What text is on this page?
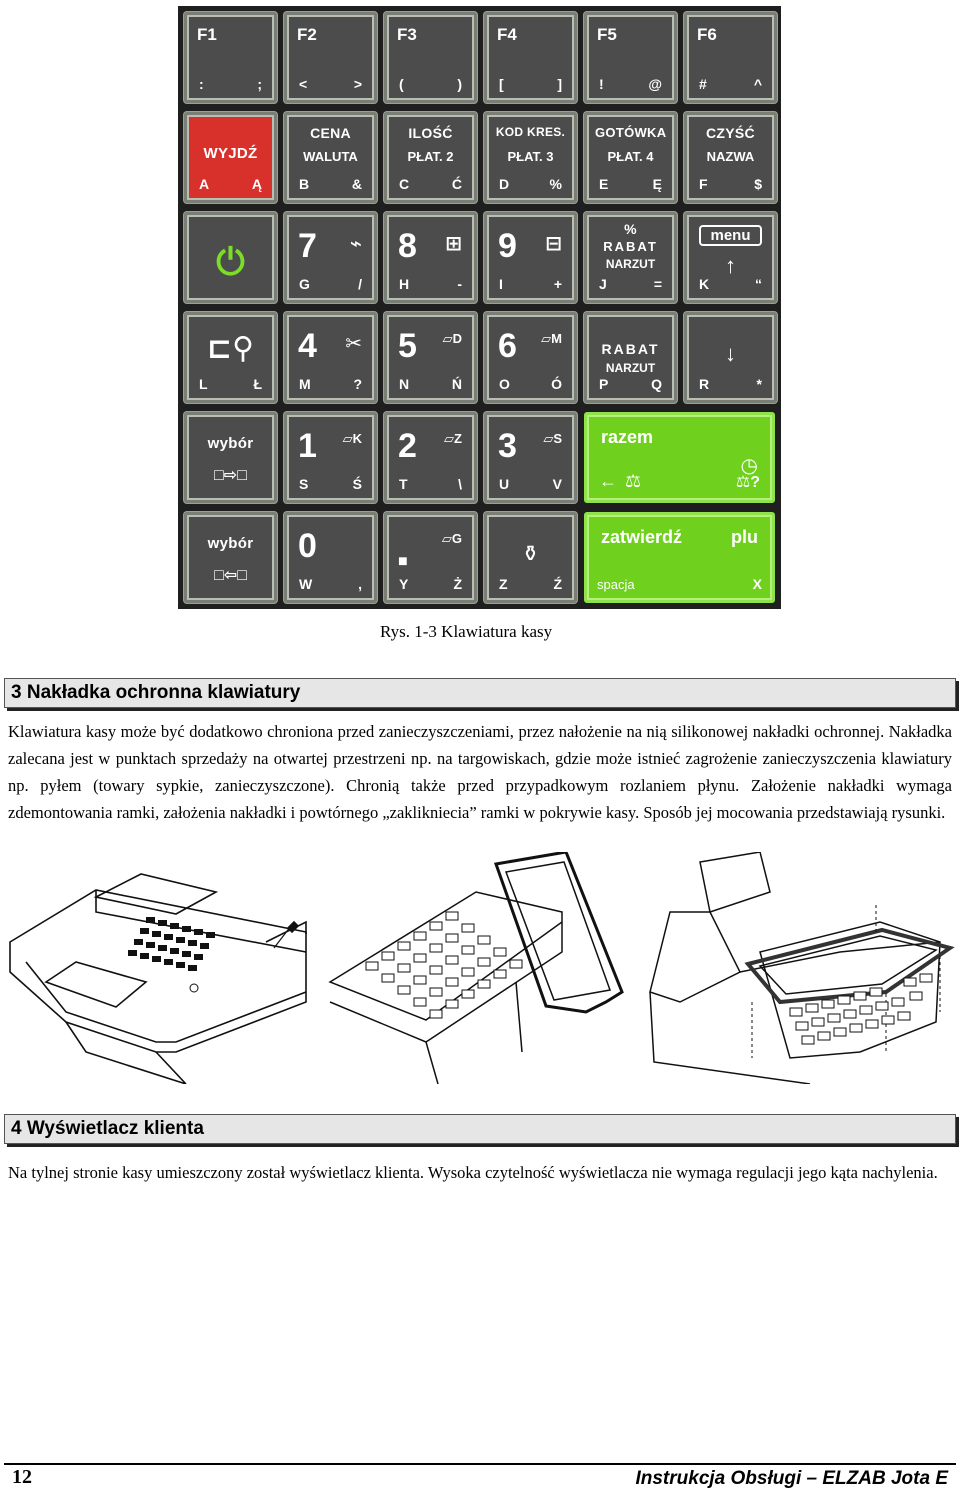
F1
:	;
F2
<	>
F3
(	)
F4
[	]
F5
!	@
F6
#	^
WYJDŹ
A	Ą
CENA
WALUTA
B	&
ILOŚĆ
PŁAT. 2
C	Ć
KOD KRES.
PŁAT. 3
D	%
GOTÓWKA
PŁAT. 4
E	Ę
CZYŚĆ
NAZWA
F	$
⏻	7 ⌁
G	/
8 ⊞
H	-
9 ⊟
I	+
%
RABAT
NARZUT
J	=
menu
↑
K	“
⊏⚲
L	Ł
4 ✂
M	?
5 ▱D
N	Ń
6 ▱M
O	Ó
RABAT
NARZUT
P	Q
↓
R	*
wybór
□⇨□
1 ▱K
S	Ś
2 ▱Z
T	\
3 ▱S
U	V
razem
◷
← ⚖	⚖?
wybór
□⇦□
0
W	,
■
▱G
Y	Ż
⚱
Z	Ź
zatwierdź	plu
spacja	X
Rys. 1-3 Klawiatura kasy
3 Nakładka ochronna klawiatury
Klawiatura kasy może być dodatkowo chroniona przed zanieczyszczeniami, przez nałożenie na nią silikonowej nakładki ochronnej. Nakładka zalecana jest w punktach sprzedaży na otwartej przestrzeni np. na targowiskach, gdzie może istnieć zagrożenie zanieczyszczenia klawiatury np. pyłem (towary sypkie, zanieczyszczone). Chronią także przed przypadkowym rozlaniem płynu. Założenie nakładki wymaga zdemontowania ramki, założenia nakładki i powtórnego „zaklikniecia” ramki w pokrywie kasy. Sposób jej mocowania przedstawiają rysunki.
4 Wyświetlacz klienta
Na tylnej stronie kasy umieszczony został wyświetlacz klienta. Wysoka czytelność wyświetlacza nie wymaga regulacji jego kąta nachylenia.
12	Instrukcja Obsługi – ELZAB Jota E
